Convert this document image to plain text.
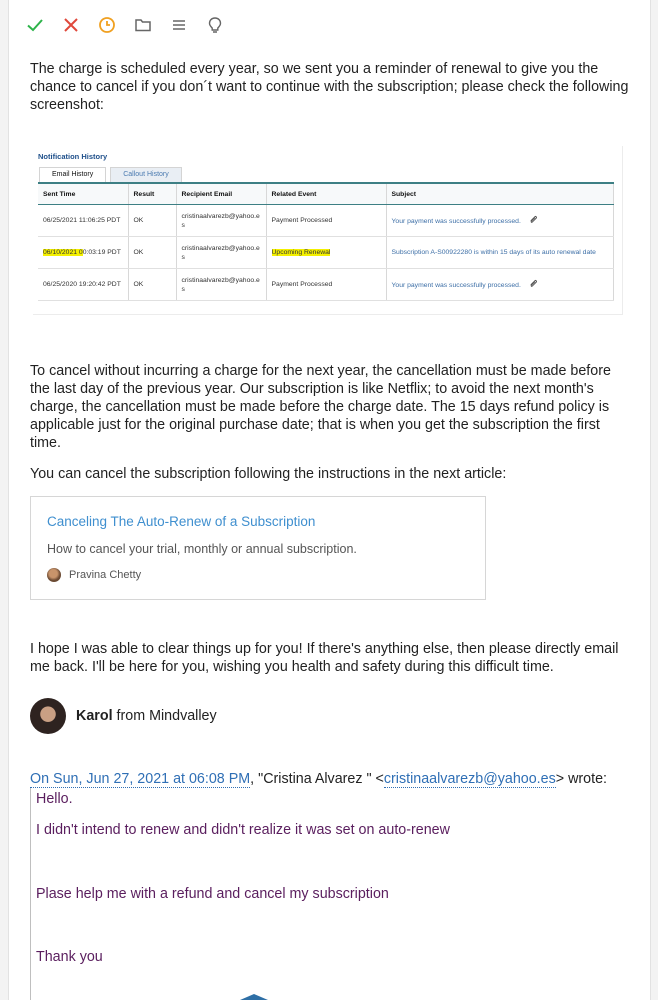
The charge is scheduled every year, so we sent you a reminder of renewal to give you the chance to cancel if you don´t want to continue with the subscription; please check the following screenshot:

Notification History
Email History	Callout History
Sent Time	Result	Recipient Email	Related Event	Subject
06/25/2021 11:06:25 PDT	OK	cristinaalvarezb@yahoo.es	Payment Processed	Your payment was successfully processed.
06/10/2021 00:03:19 PDT	OK	cristinaalvarezb@yahoo.es	Upcoming Renewal	Subscription A-S00922280 is within 15 days of its auto renewal date
06/25/2020 19:20:42 PDT	OK	cristinaalvarezb@yahoo.es	Payment Processed	Your payment was successfully processed.

To cancel without incurring a charge for the next year, the cancellation must be made before the last day of the previous year. Our subscription is like Netflix; to avoid the next month's charge, the cancellation must be made before the charge date. The 15 days refund policy is applicable just for the original purchase date; that is when you get the subscription the first time.

You can cancel the subscription following the instructions in the next article:

Canceling The Auto-Renew of a Subscription
How to cancel your trial, monthly or annual subscription.
Pravina Chetty

I hope I was able to clear things up for you! If there's anything else, then please directly email me back. I'll be here for you, wishing you health and safety during this difficult time.

Karol from Mindvalley
On Sun, Jun 27, 2021 at 06:08 PM, "Cristina Alvarez " <cristinaalvarezb@yahoo.es> wrote:
Hello.
I didn't intend to renew and didn't realize it was set on auto-renew
Plase help me with a refund and cancel my subscription
Thank you
